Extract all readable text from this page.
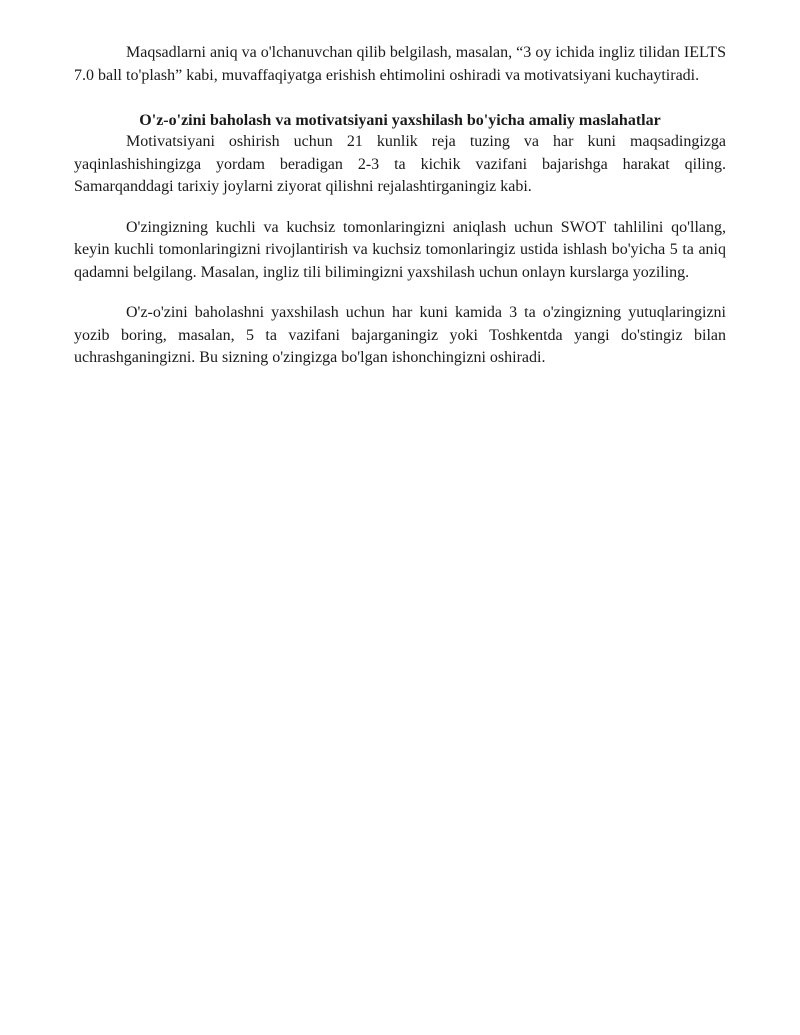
Maqsadlarni aniq va o'lchanuvchan qilib belgilash, masalan, “3 oy ichida ingliz tilidan IELTS 7.0 ball to'plash” kabi, muvaffaqiyatga erishish ehtimolini oshiradi va motivatsiyani kuchaytiradi.

O'z-o'zini baholash va motivatsiyani yaxshilash bo'yicha amaliy maslahatlar

Motivatsiyani oshirish uchun 21 kunlik reja tuzing va har kuni maqsadingizga yaqinlashishingizga yordam beradigan 2-3 ta kichik vazifani bajarishga harakat qiling. Samarqanddagi tarixiy joylarni ziyorat qilishni rejalashtirganingiz kabi.

O'zingizning kuchli va kuchsiz tomonlaringizni aniqlash uchun SWOT tahlilini qo'llang, keyin kuchli tomonlaringizni rivojlantirish va kuchsiz tomonlaringiz ustida ishlash bo'yicha 5 ta aniq qadamni belgilang. Masalan, ingliz tili bilimingizni yaxshilash uchun onlayn kurslarga yoziling.

O'z-o'zini baholashni yaxshilash uchun har kuni kamida 3 ta o'zingizning yutuqlaringizni yozib boring, masalan, 5 ta vazifani bajarganingiz yoki Toshkentda yangi do'stingiz bilan uchrashganingizni. Bu sizning o'zingizga bo'lgan ishonchingizni oshiradi.
